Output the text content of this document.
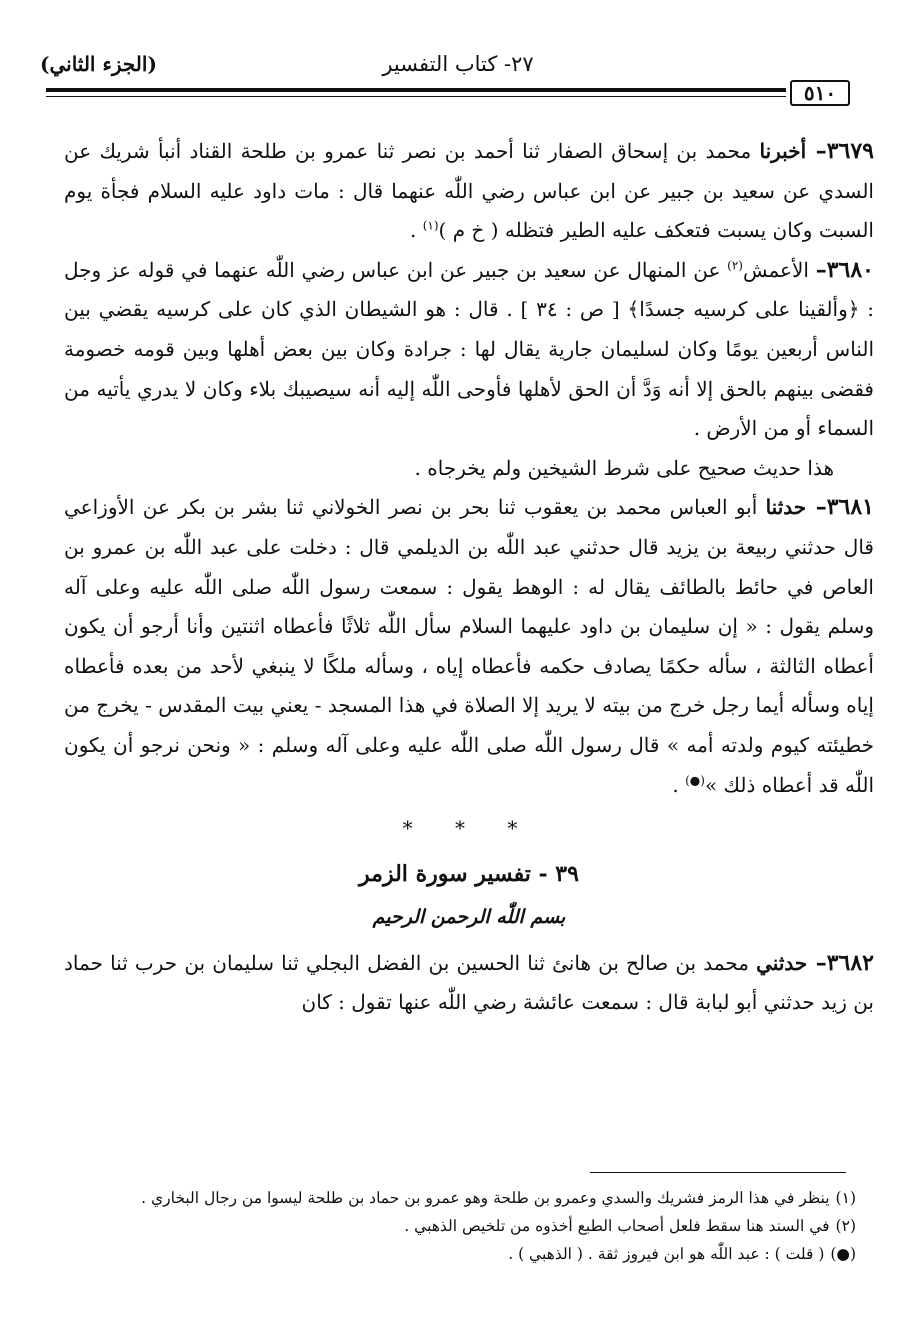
(الجزء الثاني)	٢٧- كتاب التفسير
٥١٠

٣٦٧٩– أخبرنا محمد بن إسحاق الصفار ثنا أحمد بن نصر ثنا عمرو بن طلحة القناد أنبأ شريك عن السدي عن سعيد بن جبير عن ابن عباس رضي اللّٰه عنهما قال : مات داود عليه السلام فجأة يوم السبت وكان يسبت فتعكف عليه الطير فتظله ( خ م )$^{(١)}$ .

٣٦٨٠– الأعمش$^{(٢)}$ عن المنهال عن سعيد بن جبير عن ابن عباس رضي اللّٰه عنهما في قوله عز وجل : ﴿وألقينا على كرسيه جسدًا﴾ [ ص : ٣٤ ] . قال : هو الشيطان الذي كان على كرسيه يقضي بين الناس أربعين يومًا وكان لسليمان جارية يقال لها : جرادة وكان بين بعض أهلها وبين قومه خصومة فقضى بينهم بالحق إلا أنه وَدَّ أن الحق لأهلها فأوحى اللّٰه إليه أنه سيصيبك بلاء وكان لا يدري يأتيه من السماء أو من الأرض .

هذا حديث صحيح على شرط الشيخين ولم يخرجاه .

٣٦٨١– حدثنا أبو العباس محمد بن يعقوب ثنا بحر بن نصر الخولاني ثنا بشر بن بكر عن الأوزاعي قال حدثني ربيعة بن يزيد قال حدثني عبد اللّٰه بن الديلمي قال : دخلت على عبد اللّٰه بن عمرو بن العاص في حائط بالطائف يقال له : الوهط يقول : سمعت رسول اللّٰه صلى اللّٰه عليه وعلى آله وسلم يقول : « إن سليمان بن داود عليهما السلام سأل اللّٰه ثلاثًا فأعطاه اثنتين وأنا أرجو أن يكون أعطاه الثالثة ، سأله حكمًا يصادف حكمه فأعطاه إياه ، وسأله ملكًا لا ينبغي لأحد من بعده فأعطاه إياه وسأله أيما رجل خرج من بيته لا يريد إلا الصلاة في هذا المسجد - يعني بيت المقدس - يخرج من خطيئته كيوم ولدته أمه » قال رسول اللّٰه صلى اللّٰه عليه وعلى آله وسلم : « ونحن نرجو أن يكون اللّٰه قد أعطاه ذلك »(●) .

* * *
٣٩ - تفسير سورة الزمر
بسم اللّٰه الرحمن الرحيم

٣٦٨٢– حدثني محمد بن صالح بن هانئ ثنا الحسين بن الفضل البجلي ثنا سليمان بن حرب ثنا حماد بن زيد حدثني أبو لبابة قال : سمعت عائشة رضي اللّٰه عنها تقول : كان

(١)ينظر في هذا الرمز فشريك والسدي وعمرو بن طلحة وهو عمرو بن حماد بن طلحة ليسوا من رجال البخاري .

(٢)في السند هنا سقط فلعل أصحاب الطبع أخذوه من تلخيص الذهبي .

(●)( قلت ) : عبد اللّٰه هو ابن فيروز ثقة . ( الذهبي ) .
